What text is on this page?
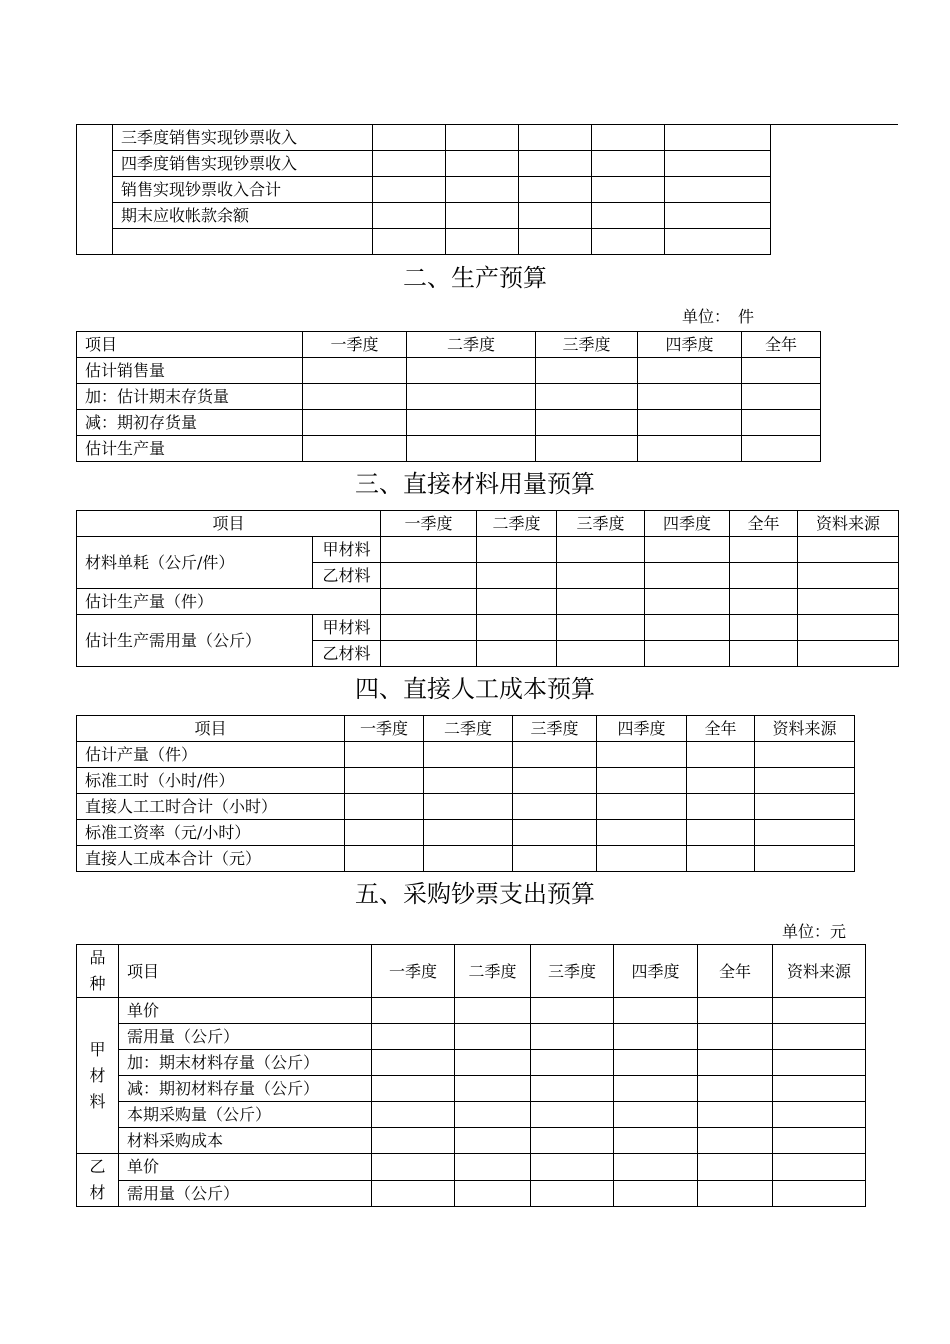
	三季度销售实现钞票收入					
	四季度销售实现钞票收入					
	销售实现钞票收入合计					
	期末应收帐款余额					

二、生产预算
单位：　件
项目	一季度	二季度	三季度	四季度	全年
估计销售量					
加：估计期末存货量					
减：期初存货量					
估计生产量					
三、直接材料用量预算
项目		一季度	二季度	三季度	四季度	全年	资料来源
材料单耗（公斤/件）	甲材料						
	乙材料						
估计生产量（件）							
估计生产需用量（公斤）	甲材料						
	乙材料						
四、直接人工成本预算
项目	一季度	二季度	三季度	四季度	全年	资料来源
估计产量（件）						
标准工时（小时/件）						
直接人工工时合计（小时）						
标准工资率（元/小时）						
直接人工成本合计（元）						
五、采购钞票支出预算
单位：元
品
种	项目	一季度	二季度	三季度	四季度	全年	资料来源

甲
材
料	单价						
	需用量（公斤）						
	加：期末材料存量（公斤）						
	减：期初材料存量（公斤）						
	本期采购量（公斤）						
	材料采购成本						

乙
材	单价						
	需用量（公斤）						
